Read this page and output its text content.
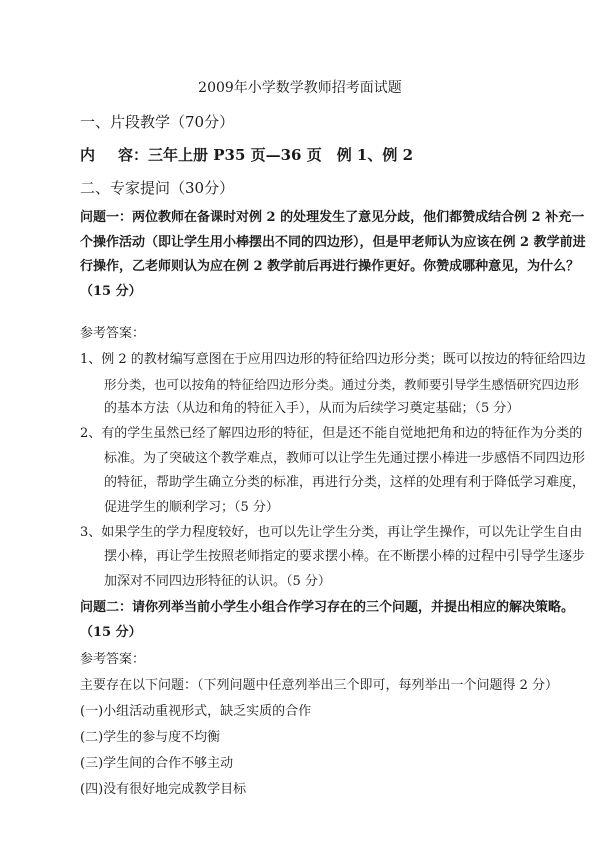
2009年小学数学教师招考面试题
一、片段教学（70分）
内 容：三年上册 P35 页—36 页　例 1、例 2
二、专家提问（30分）
问题一：两位教师在备课时对例 2 的处理发生了意见分歧，他们都赞成结合例 2 补充一
个操作活动（即让学生用小棒摆出不同的四边形），但是甲老师认为应该在例 2 教学前进
行操作，乙老师则认为应在例 2 教学前后再进行操作更好。你赞成哪种意见，为什么？
（15 分）
参考答案：
1、例 2 的教材编写意图在于应用四边形的特征给四边形分类；既可以按边的特征给四边
形分类，也可以按角的特征给四边形分类。通过分类，教师要引导学生感悟研究四边形
的基本方法（从边和角的特征入手），从而为后续学习奠定基础；（5 分）
2、有的学生虽然已经了解四边形的特征，但是还不能自觉地把角和边的特征作为分类的
标准。为了突破这个教学难点，教师可以让学生先通过摆小棒进一步感悟不同四边形
的特征，帮助学生确立分类的标准，再进行分类，这样的处理有利于降低学习难度，
促进学生的顺利学习；（5 分）
3、如果学生的学力程度较好，也可以先让学生分类，再让学生操作，可以先让学生自由
摆小棒，再让学生按照老师指定的要求摆小棒。在不断摆小棒的过程中引导学生逐步
加深对不同四边形特征的认识。（5 分）
问题二：请你列举当前小学生小组合作学习存在的三个问题，并提出相应的解决策略。
（15 分）
参考答案：
主要存在以下问题：（下列问题中任意列举出三个即可，每列举出一个问题得 2 分）
(一)小组活动重视形式，缺乏实质的合作
(二)学生的参与度不均衡
(三)学生间的合作不够主动
(四)没有很好地完成教学目标
